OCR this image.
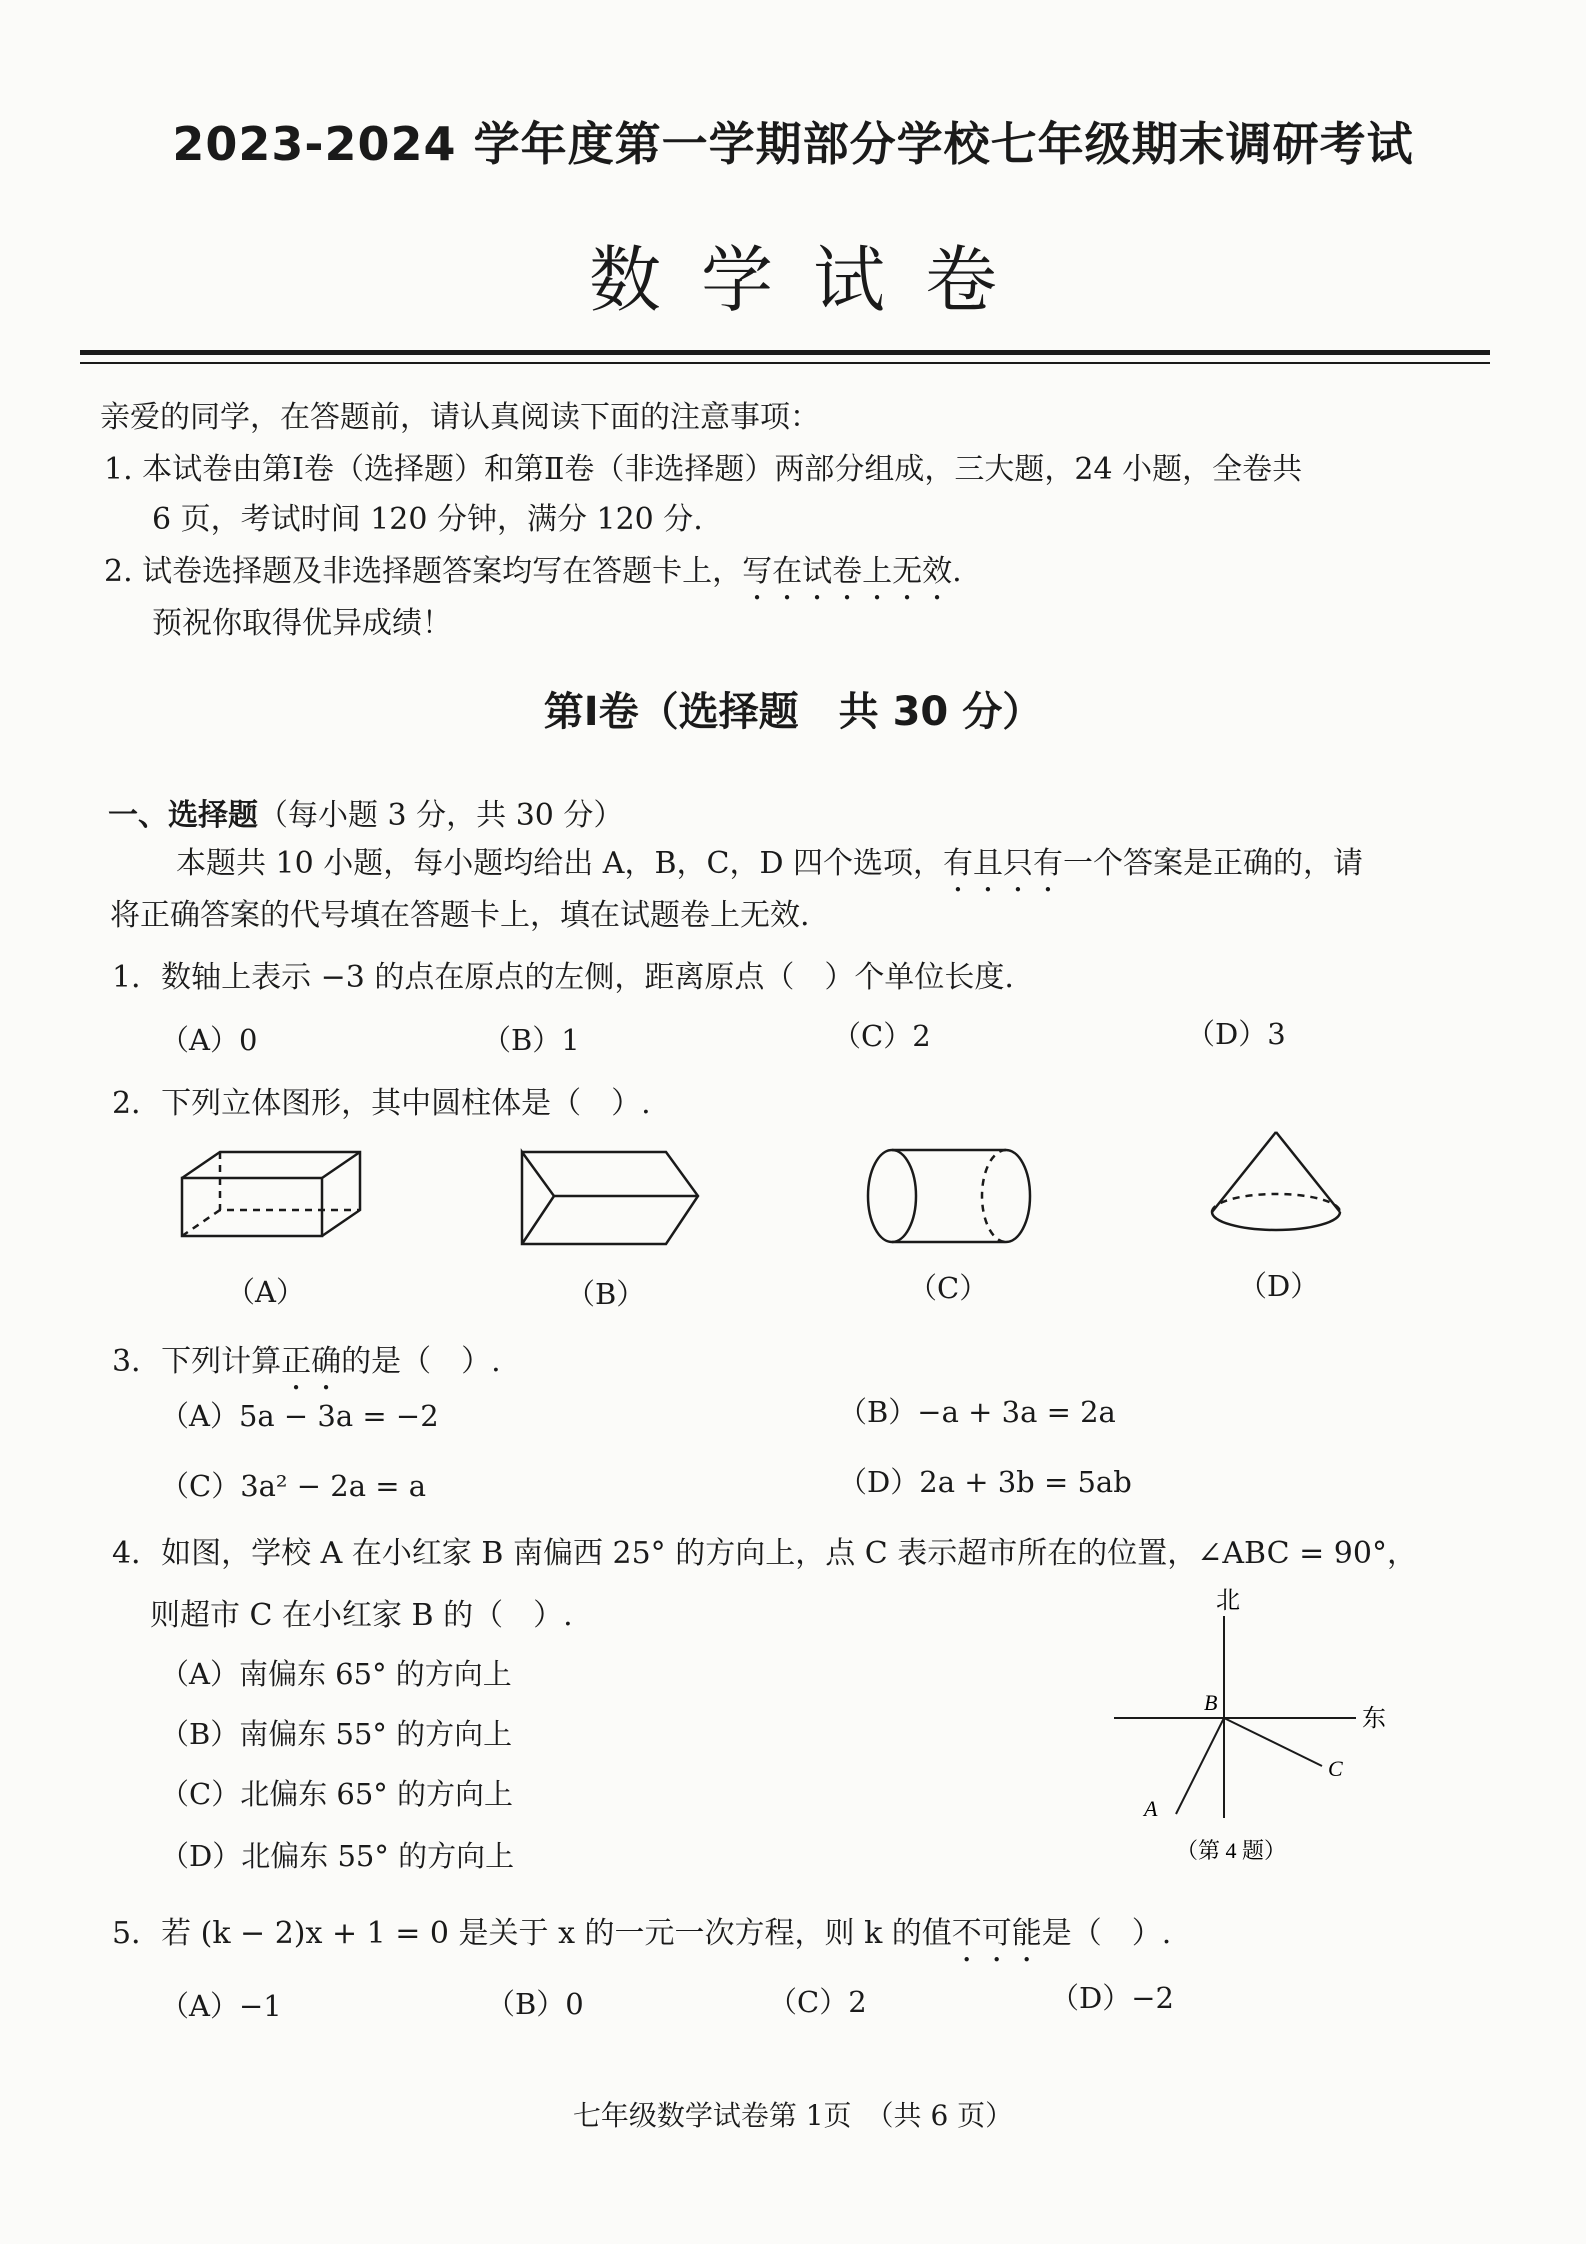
2023-2024 学年度第一学期部分学校七年级期末调研考试
数学试卷
亲爱的同学，在答题前，请认真阅读下面的注意事项：
1. 本试卷由第Ⅰ卷（选择题）和第Ⅱ卷（非选择题）两部分组成，三大题，24 小题，全卷共
6 页，考试时间 120 分钟，满分 120 分.
2. 试卷选择题及非选择题答案均写在答题卡上，写在试卷上无效.
预祝你取得优异成绩！
第Ⅰ卷（选择题　共 30 分）
一、选择题（每小题 3 分，共 30 分）
本题共 10 小题，每小题均给出 A，B，C，D 四个选项，有且只有一个答案是正确的，请
将正确答案的代号填在答题卡上，填在试题卷上无效.
1．数轴上表示 −3 的点在原点的左侧，距离原点（　）个单位长度.
（A）0	（B）1	（C）2	（D）3
2．下列立体图形，其中圆柱体是（　）.
（A）	（B）	（C）	（D）
3．下列计算正确的是（　）.
（A）5a − 3a = −2	（B）−a + 3a = 2a
（C）3a² − 2a = a	（D）2a + 3b = 5ab
4．如图，学校 A 在小红家 B 南偏西 25° 的方向上，点 C 表示超市所在的位置，∠ABC = 90°，
则超市 C 在小红家 B 的（　）.
（A）南偏东 65° 的方向上
（B）南偏东 55° 的方向上
（C）北偏东 65° 的方向上
（D）北偏东 55° 的方向上
北
东
B
A
C
（第 4 题）
5．若 (k − 2)x + 1 = 0 是关于 x 的一元一次方程，则 k 的值不可能是（　）.
（A）−1	（B）0	（C）2	（D）−2
七年级数学试卷第 1页　（共 6 页）
